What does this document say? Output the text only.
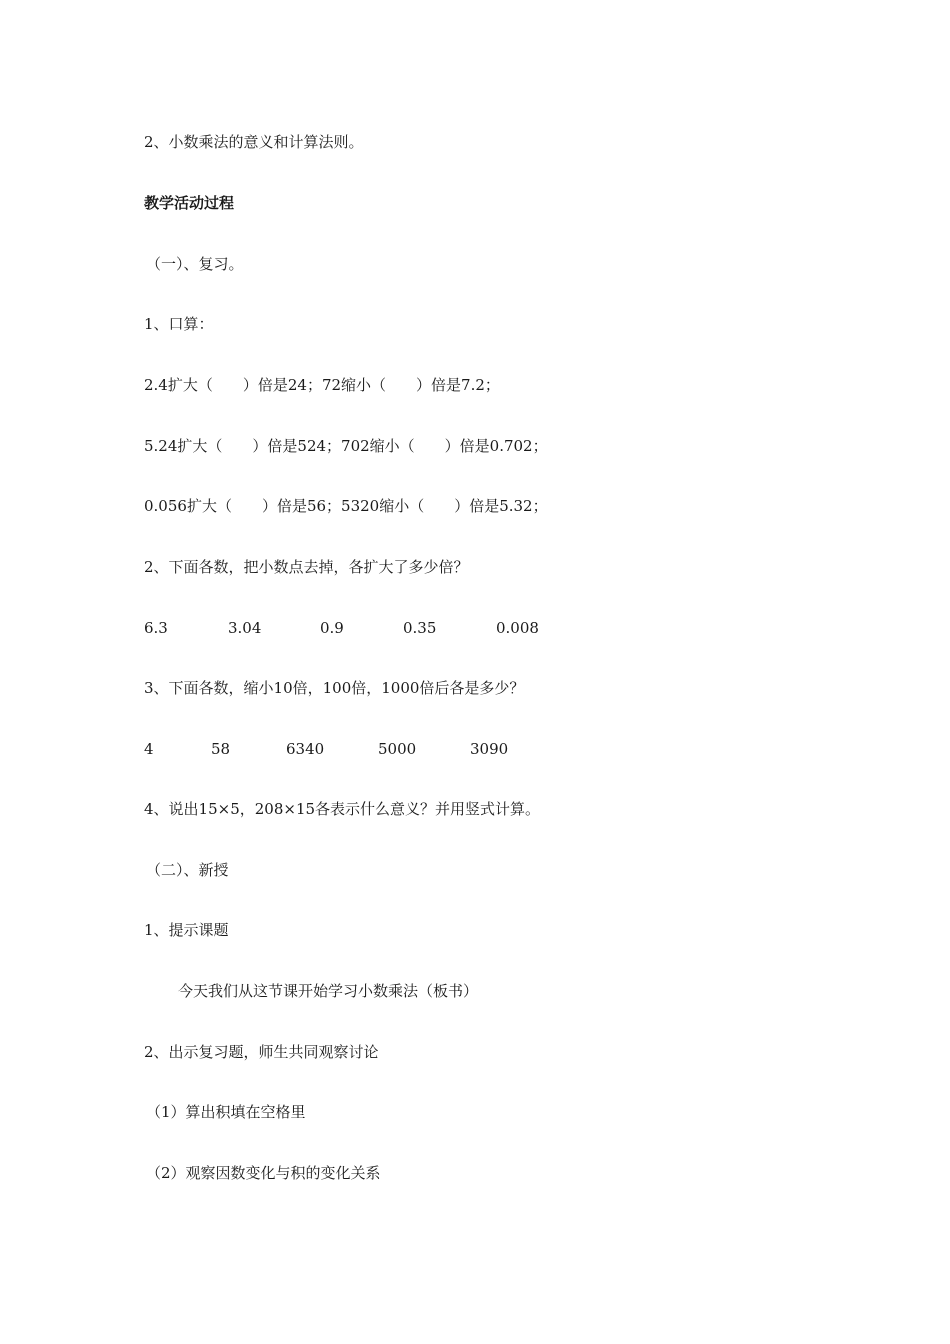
2、小数乘法的意义和计算法则。
教学活动过程
（一）、复习。
1、口算：
2.4扩大（　　）倍是24；72缩小（　　）倍是7.2；
5.24扩大（　　）倍是524；702缩小（　　）倍是0.702；
0.056扩大（　　）倍是56；5320缩小（　　）倍是5.32；
2、下面各数，把小数点去掉，各扩大了多少倍？
6.3	3.04	0.9	0.35	0.008
3、下面各数，缩小10倍，100倍，1000倍后各是多少？
4	58	6340	5000	3090
4、说出15×5，208×15各表示什么意义？并用竖式计算。
（二）、新授
1、提示课题
今天我们从这节课开始学习小数乘法（板书）
2、出示复习题，师生共同观察讨论
（1）算出积填在空格里
（2）观察因数变化与积的变化关系
